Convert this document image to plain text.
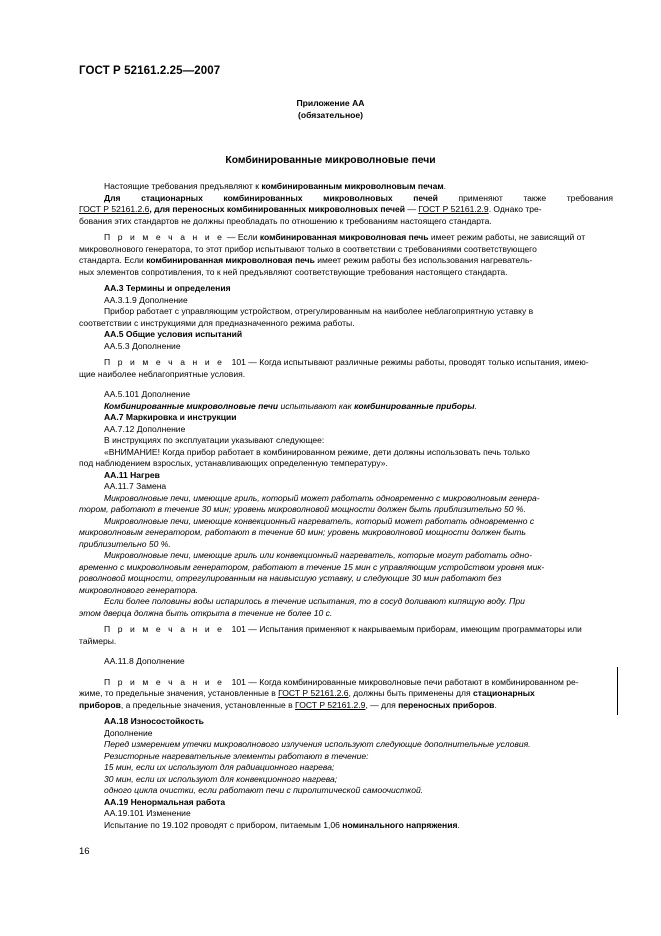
ГОСТ Р 52161.2.25—2007
Приложение АА
(обязательное)
Комбинированные микроволновые печи

Настоящие требования предъявляют к комбинированным микроволновым печам.

Для стационарных комбинированных микроволновых печей применяют также требования

ГОСТ Р 52161.2.6, для переносных комбинированных микроволновых печей — ГОСТ Р 52161.2.9. Однако тре-

бования этих стандартов не должны преобладать по отношению к требованиям настоящего стандарта.

П р и м е ч а н и е — Если комбинированная микроволновая печь имеет режим работы, не зависящий от

микроволнового генератора, то этот прибор испытывают только в соответствии с требованиями соответствующего

стандарта. Если комбинированная микроволновая печь имеет режим работы без использования нагреватель-

ных элементов сопротивления, то к ней предъявляют соответствующие требования настоящего стандарта.

АА.3 Термины и определения

АА.3.1.9 Дополнение

Прибор работает с управляющим устройством, отрегулированным на наиболее неблагоприятную уставку в

соответствии с инструкциями для предназначенного режима работы.

АА.5 Общие условия испытаний

АА.5.3 Дополнение

П р и м е ч а н и е   101 — Когда испытывают различные режимы работы, проводят только испытания, имею-

щие наиболее неблагоприятные условия.

АА.5.101 Дополнение

Комбинированные микроволновые печи испытывают как комбинированные приборы.

АА.7 Маркировка и инструкции

АА.7.12 Дополнение

В инструкциях по эксплуатации указывают следующее:

«ВНИМАНИЕ! Когда прибор работает в комбинированном режиме, дети должны использовать печь только

под наблюдением взрослых, устанавливающих определенную температуру».

АА.11 Нагрев

АА.11.7 Замена

Микроволновые печи, имеющие гриль, который может работать одновременно с микроволновым генера-

тором, работают в течение 30 мин; уровень микроволновой мощности должен быть приблизительно 50 %.

Микроволновые печи, имеющие конвекционный нагреватель, который может работать одновременно с

микроволновым генератором, работают в течение 60 мин; уровень микроволновой мощности должен быть

приблизительно 50 %.

Микроволновые печи, имеющие гриль или конвекционный нагреватель, которые могут работать одно-

временно с микроволновым генератором, работают в течение 15 мин с управляющим устройством уровня мик-

роволновой мощности, отрегулированным на наивысшую уставку, и следующие 30 мин работают без

микроволнового генератора.

Если более половины воды испарилось в течение испытания, то в сосуд доливают кипящую воду. При

этом дверца должна быть открыта в течение не более 10 с.

П р и м е ч а н и е   101 — Испытания применяют к накрываемым приборам, имеющим программаторы или

таймеры.

АА.11.8 Дополнение

П р и м е ч а н и е   101 — Когда комбинированные микроволновые печи работают в комбинированном ре-

жиме, то предельные значения, установленные в ГОСТ Р 52161.2.6, должны быть применены для стационарных

приборов, а предельные значения, установленные в ГОСТ Р 52161.2.9, — для переносных приборов.

АА.18 Износостойкость

Дополнение

Перед измерением утечки микроволнового излучения используют следующие дополнительные условия.

Резисторные нагревательные элементы работают в течение:

15 мин, если их используют для радиационного нагрева;

30 мин, если их используют для конвекционного нагрева;

одного цикла очистки, если работают печи с пиролитической самоочисткой.

АА.19 Ненормальная работа

АА.19.101 Изменение

Испытание по 19.102 проводят с прибором, питаемым 1,06 номинального напряжения.

16
